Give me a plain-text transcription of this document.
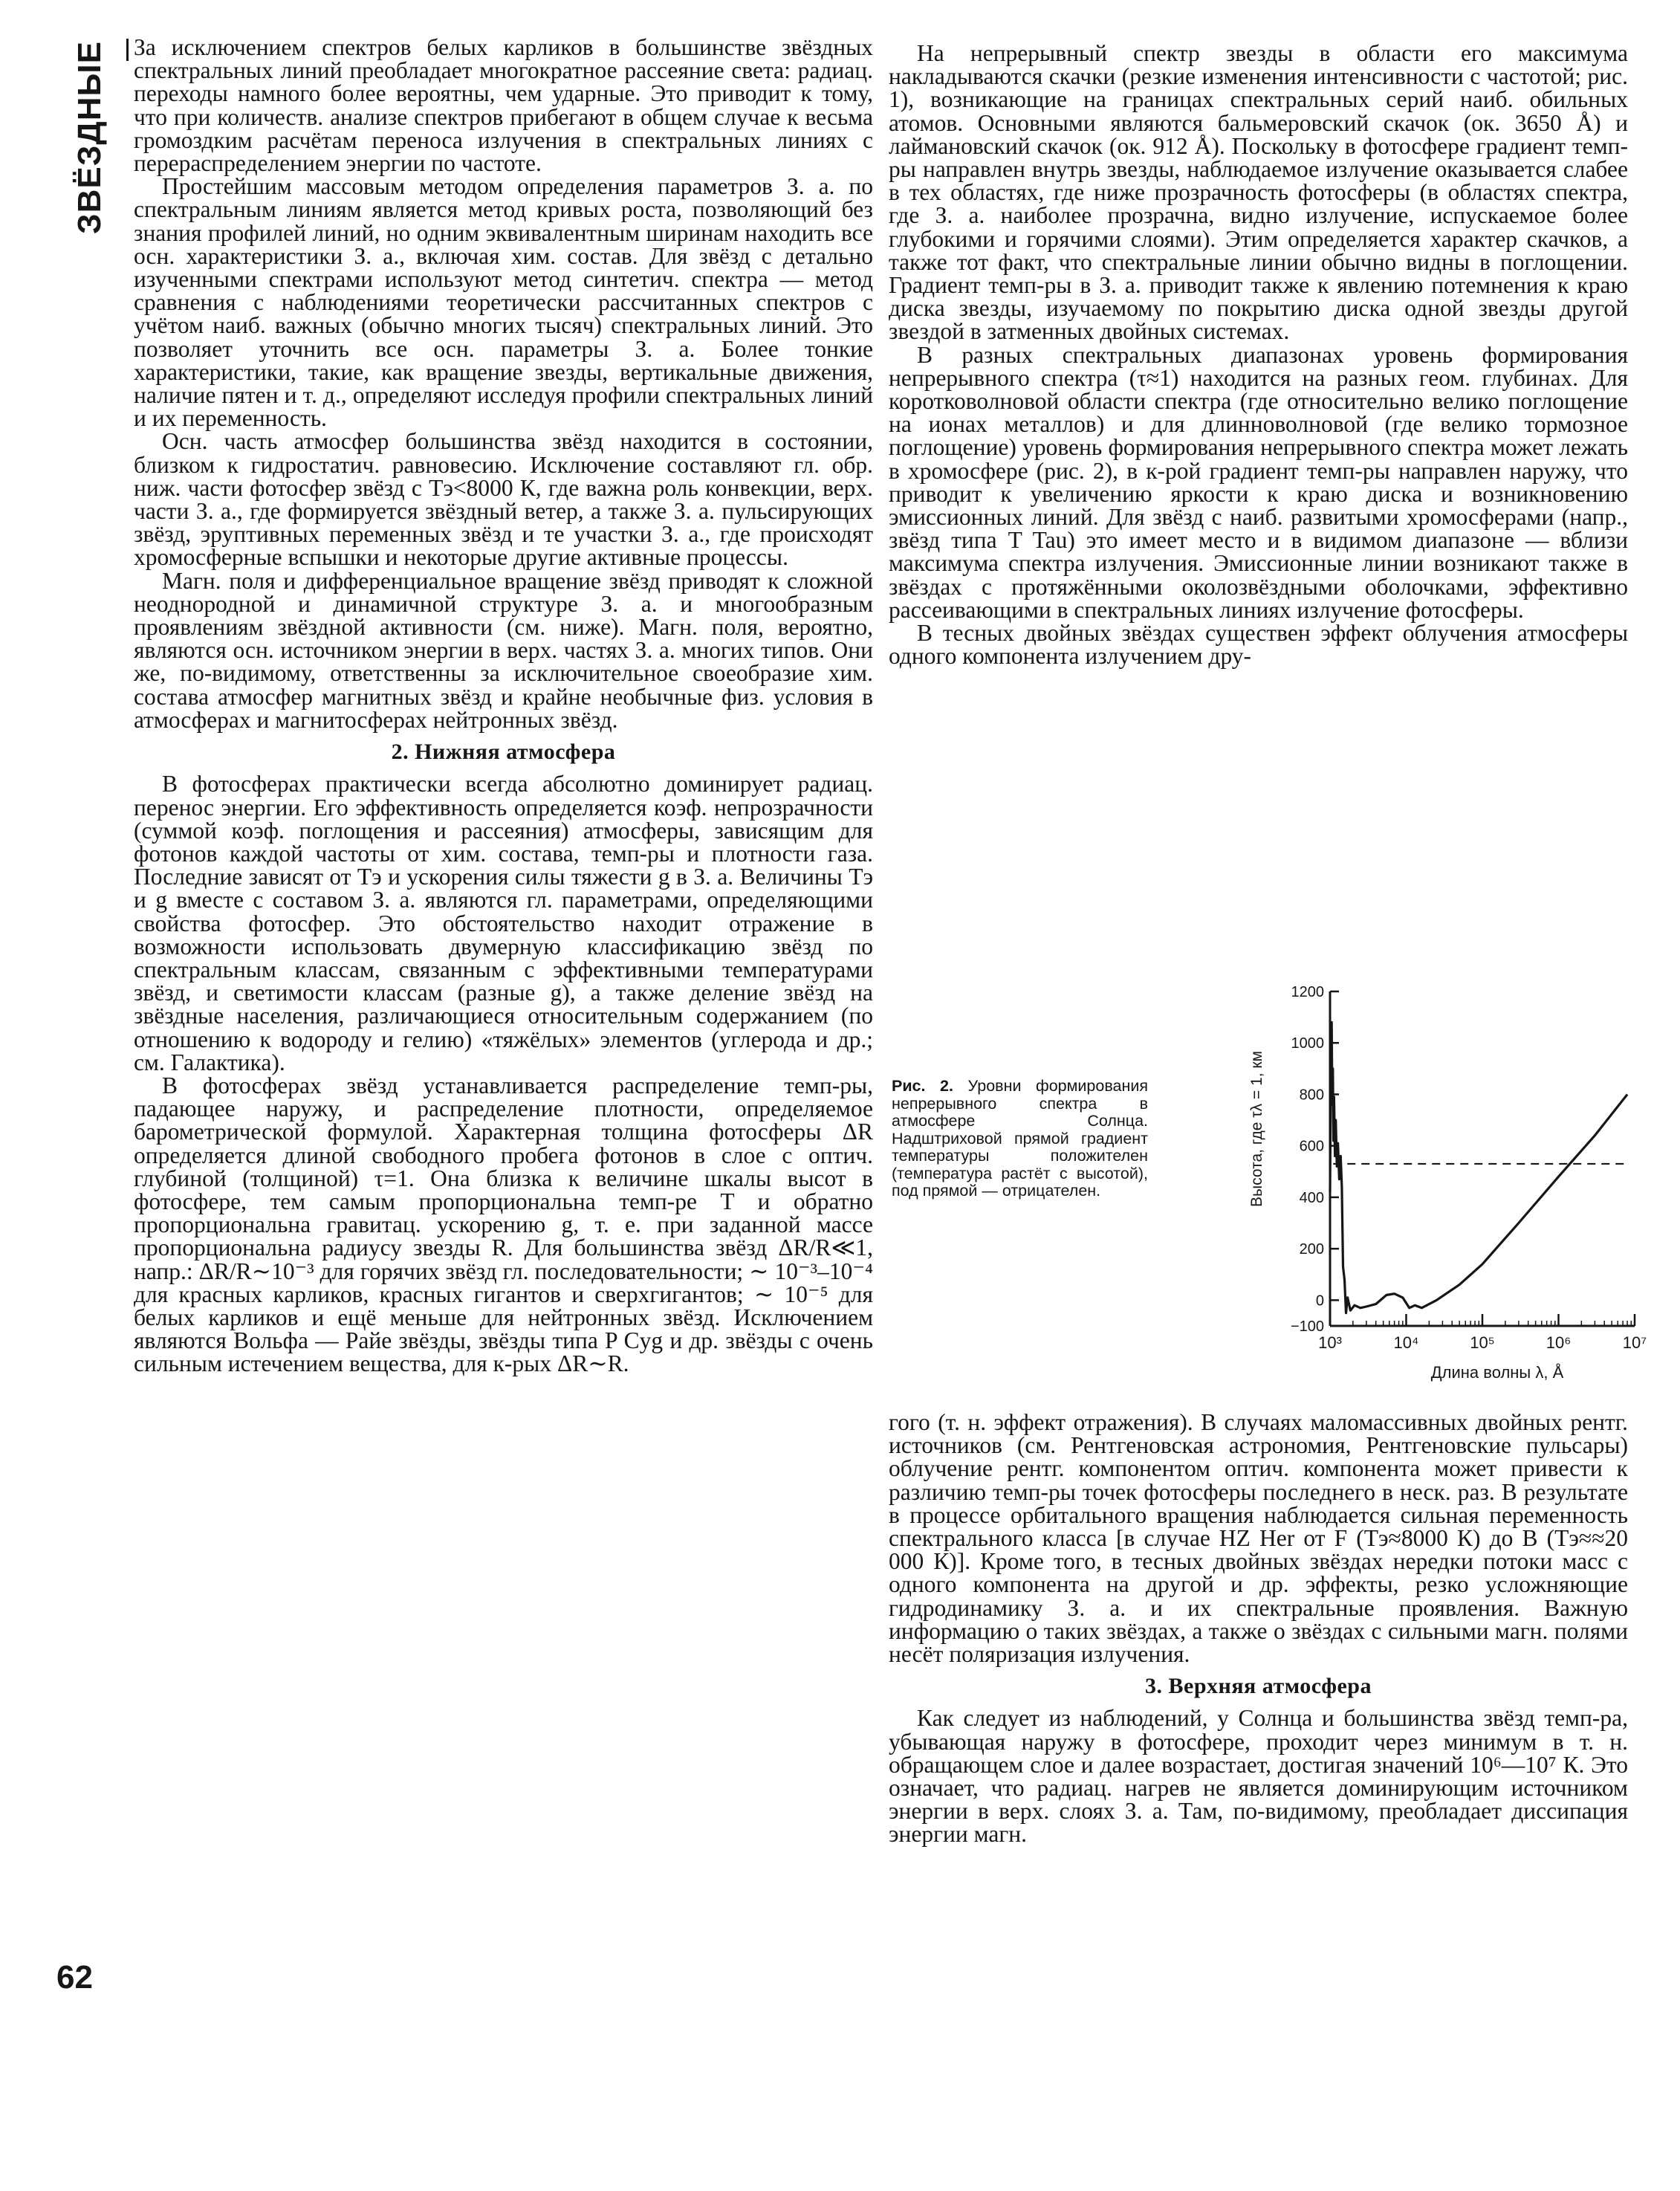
ЗВЁЗДНЫЕ За исключением спектров белых карликов в большинстве звёздных спектральных линий преобладает многократное рассеяние света: радиац. переходы намного более вероятны, чем ударные. Это приводит к тому, что при количеств. анализе спектров прибегают в общем случае к весьма громоздким расчётам переноса излучения в спектральных линиях с перераспределением энергии по частоте.

Простейшим массовым методом определения параметров З. а. по спектральным линиям является метод кривых роста, позволяющий без знания профилей линий, но одним эквивалентным ширинам находить все осн. характеристики З. а., включая хим. состав. Для звёзд с детально изученными спектрами используют метод синтетич. спектра — метод сравнения с наблюдениями теоретически рассчитанных спектров с учётом наиб. важных (обычно многих тысяч) спектральных линий. Это позволяет уточнить все осн. параметры З. а. Более тонкие характеристики, такие, как вращение звезды, вертикальные движения, наличие пятен и т. д., определяют исследуя профили спектральных линий и их переменность.

Осн. часть атмосфер большинства звёзд находится в состоянии, близком к гидростатич. равновесию. Исключение составляют гл. обр. ниж. части фотосфер звёзд с Тэ<8000 К, где важна роль конвекции, верх. части З. а., где формируется звёздный ветер, а также З. а. пульсирующих звёзд, эруптивных переменных звёзд и те участки З. а., где происходят хромосферные вспышки и некоторые другие активные процессы.

Магн. поля и дифференциальное вращение звёзд приводят к сложной неоднородной и динамичной структуре З. а. и многообразным проявлениям звёздной активности (см. ниже). Магн. поля, вероятно, являются осн. источником энергии в верх. частях З. а. многих типов. Они же, по-видимому, ответственны за исключительное своеобразие хим. состава атмосфер магнитных звёзд и крайне необычные физ. условия в атмосферах и магнитосферах нейтронных звёзд.

2. Нижняя атмосфера

В фотосферах практически всегда абсолютно доминирует радиац. перенос энергии. Его эффективность определяется коэф. непрозрачности (суммой коэф. поглощения и рассеяния) атмосферы, зависящим для фотонов каждой частоты от хим. состава, темп-ры и плотности газа. Последние зависят от Тэ и ускорения силы тяжести g в З. а. Величины Тэ и g вместе с составом З. а. являются гл. параметрами, определяющими свойства фотосфер. Это обстоятельство находит отражение в возможности использовать двумерную классификацию звёзд по спектральным классам, связанным с эффективными температурами звёзд, и светимости классам (разные g), а также деление звёзд на звёздные населения, различающиеся относительным содержанием (по отношению к водороду и гелию) «тяжёлых» элементов (углерода и др.; см. Галактика).

В фотосферах звёзд устанавливается распределение темп-ры, падающее наружу, и распределение плотности, определяемое барометрической формулой. Характерная толщина фотосферы ΔR определяется длиной свободного пробега фотонов в слое с оптич. глубиной (толщиной) τ=1. Она близка к величине шкалы высот в фотосфере, тем самым пропорциональна темп-ре T и обратно пропорциональна гравитац. ускорению g, т. е. при заданной массе пропорциональна радиусу звезды R. Для большинства звёзд ΔR/R≪1, напр.: ΔR/R∼10⁻³ для горячих звёзд гл. последовательности; ∼ 10⁻³–10⁻⁴ для красных карликов, красных гигантов и сверхгигантов; ∼ 10⁻⁵ для белых карликов и ещё меньше для нейтронных звёзд. Исключением являются Вольфа — Райе звёзды, звёзды типа P Cyg и др. звёзды с очень сильным истечением вещества, для к-рых ΔR∼R.

На непрерывный спектр звезды в области его максимума накладываются скачки (резкие изменения интенсивности с частотой; рис. 1), возникающие на границах спектральных серий наиб. обильных атомов. Основными являются бальмеровский скачок (ок. 3650 Å) и лаймановский скачок (ок. 912 Å). Поскольку в фотосфере градиент темп-ры направлен внутрь звезды, наблюдаемое излучение оказывается слабее в тех областях, где ниже прозрачность фотосферы (в областях спектра, где З. а. наиболее прозрачна, видно излучение, испускаемое более глубокими и горячими слоями). Этим определяется характер скачков, а также тот факт, что спектральные линии обычно видны в поглощении. Градиент темп-ры в З. а. приводит также к явлению потемнения к краю диска звезды, изучаемому по покрытию диска одной звезды другой звездой в затменных двойных системах.

В разных спектральных диапазонах уровень формирования непрерывного спектра (τ≈1) находится на разных геом. глубинах. Для коротковолновой области спектра (где относительно велико поглощение на ионах металлов) и для длинноволновой (где велико тормозное поглощение) уровень формирования непрерывного спектра может лежать в хромосфере (рис. 2), в к-рой градиент темп-ры направлен наружу, что приводит к увеличению яркости к краю диска и возникновению эмиссионных линий. Для звёзд с наиб. развитыми хромосферами (напр., звёзд типа T Tau) это имеет место и в видимом диапазоне — вблизи максимума спектра излучения. Эмиссионные линии возникают также в звёздах с протяжёнными околозвёздными оболочками, эффективно рассеивающими в спектральных линиях излучение фотосферы.

В тесных двойных звёздах существен эффект облучения атмосферы одного компонента излучением дру-

Рис. 2. Уровни формирования непрерывного спектра в атмосфере Солнца. Надштриховой прямой градиент температуры положителен (температура растёт с высотой), под прямой — отрицателен.
1200
1000
800
600
400
200
0
−100
10³	10⁴	10⁵	10⁶	10⁷
Длина волны λ, Å
Высота, где τλ = 1, км

гого (т. н. эффект отражения). В случаях маломассивных двойных рентг. источников (см. Рентгеновская астрономия, Рентгеновские пульсары) облучение рентг. компонентом оптич. компонента может привести к различию темп-ры точек фотосферы последнего в неск. раз. В результате в процессе орбитального вращения наблюдается сильная переменность спектрального класса [в случае HZ Her от F (Тэ≈8000 К) до B (Тэ≈≈20 000 К)]. Кроме того, в тесных двойных звёздах нередки потоки масс с одного компонента на другой и др. эффекты, резко усложняющие гидродинамику З. а. и их спектральные проявления. Важную информацию о таких звёздах, а также о звёздах с сильными магн. полями несёт поляризация излучения.

3. Верхняя атмосфера

Как следует из наблюдений, у Солнца и большинства звёзд темп-ра, убывающая наружу в фотосфере, проходит через минимум в т. н. обращающем слое и далее возрастает, достигая значений 10⁶—10⁷ К. Это означает, что радиац. нагрев не является доминирующим источником энергии в верх. слоях З. а. Там, по-видимому, преобладает диссипация энергии магн.

62
